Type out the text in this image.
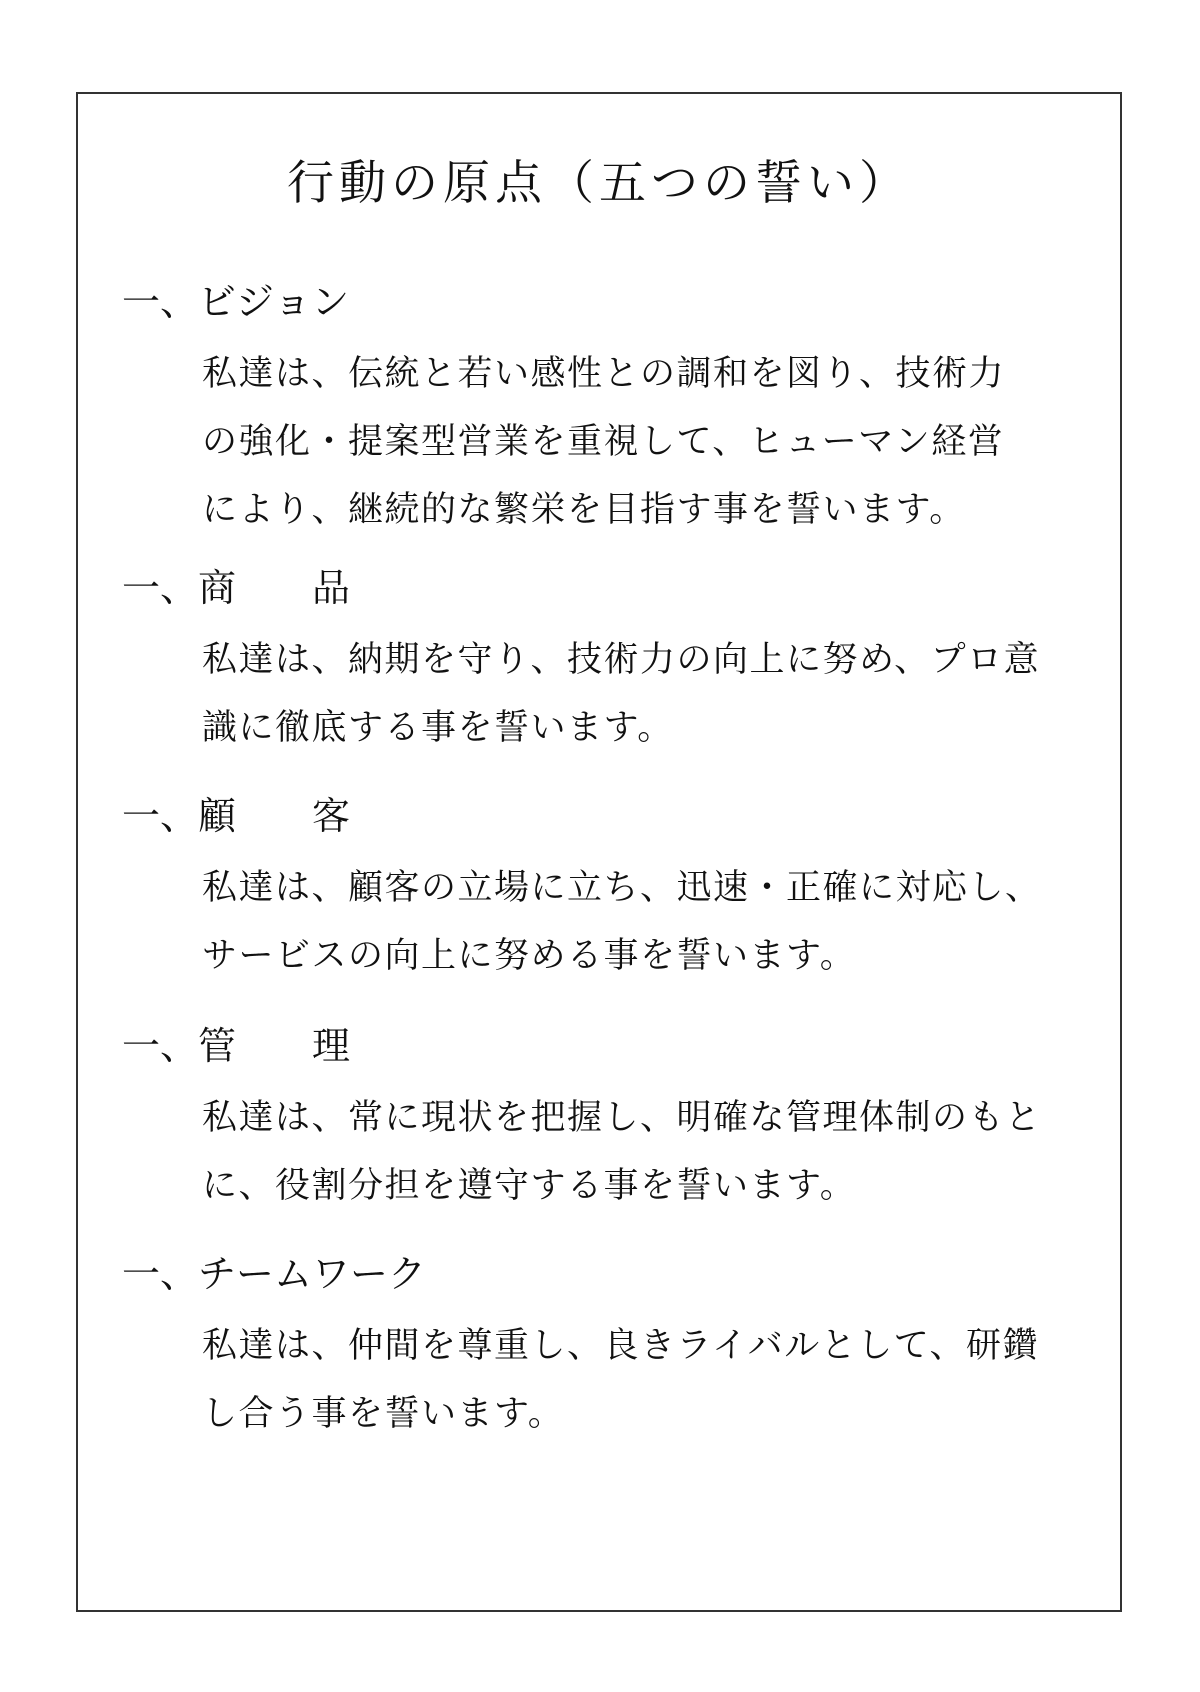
行動の原点（五つの誓い）
一、ビジョン
私達は、伝統と若い感性との調和を図り、技術力
の強化・提案型営業を重視して、ヒューマン経営
により、継続的な繁栄を目指す事を誓います。
一、商　　品
私達は、納期を守り、技術力の向上に努め、プロ意
識に徹底する事を誓います。
一、顧　　客
私達は、顧客の立場に立ち、迅速・正確に対応し、
サービスの向上に努める事を誓います。
一、管　　理
私達は、常に現状を把握し、明確な管理体制のもと
に、役割分担を遵守する事を誓います。
一、チームワーク
私達は、仲間を尊重し、良きライバルとして、研鑽
し合う事を誓います。
